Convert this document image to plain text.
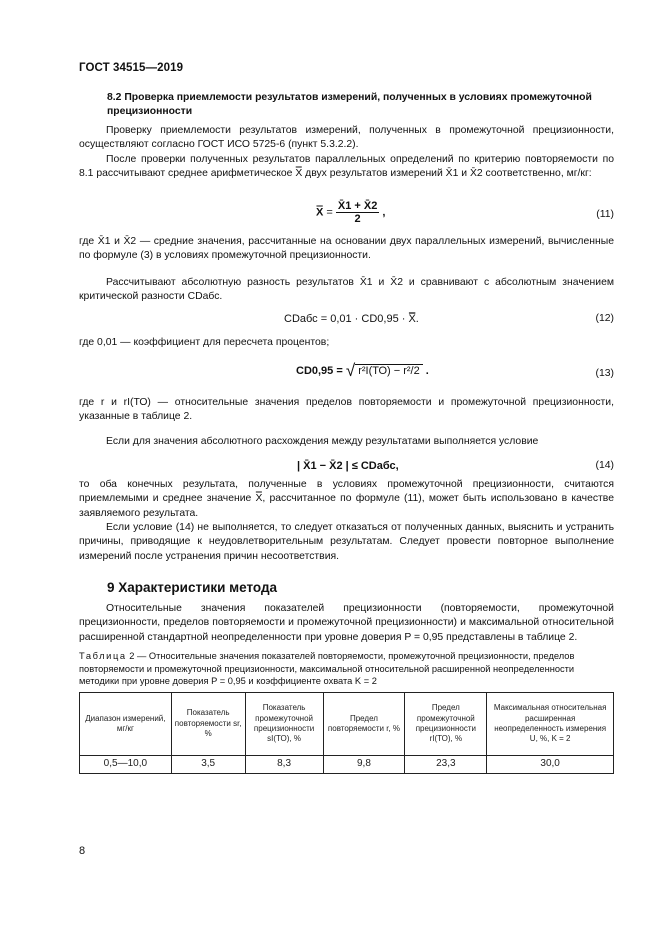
ГОСТ 34515—2019
8.2 Проверка приемлемости результатов измерений, полученных в условиях промежуточной прецизионности
Проверку приемлемости результатов измерений, полученных в промежуточной прецизионности, осуществляют согласно ГОСТ ИСО 5725-6 (пункт 5.3.2.2).
После проверки полученных результатов параллельных определений по критерию повторяемости по 8.1 рассчитывают среднее арифметическое X̿ двух результатов измерений X̄1 и X̄2 соответственно, мг/кг:
X̿ = $\frac{X̄1 + X̄2}{2}$ ,	(11)
где X̄1 и X̄2 — средние значения, рассчитанные на основании двух параллельных измерений, вычисленные по формуле (3) в условиях промежуточной прецизионности.
Рассчитывают абсолютную разность результатов X̄1 и X̄2 и сравнивают с абсолютным значением критической разности CDабс.
CDабс = 0,01 · CD0,95 · X̿.	(12)
где 0,01 — коэффициент для пересчета процентов;
CD0,95 = √ r²I(ТО) − r²/2 .	(13)
где r и rI(ТО) — относительные значения пределов повторяемости и промежуточной прецизионности, указанные в таблице 2.
Если для значения абсолютного расхождения между результатами выполняется условие
| X̄1 − X̄2 | ≤ CDабс,	(14)
то оба конечных результата, полученные в условиях промежуточной прецизионности, считаются приемлемыми и среднее значение X̿, рассчитанное по формуле (11), может быть использовано в качестве заявляемого результата.
Если условие (14) не выполняется, то следует отказаться от полученных данных, выяснить и устранить причины, приводящие к неудовлетворительным результатам. Следует провести повторное выполнение измерений после устранения причин несоответствия.
9 Характеристики метода
Относительные значения показателей прецизионности (повторяемости, промежуточной прецизионности, пределов повторяемости и промежуточной прецизионности) и максимальной относительной расширенной стандартной неопределенности при уровне доверия P = 0,95 представлены в таблице 2.
Таблица 2 — Относительные значения показателей повторяемости, промежуточной прецизионности, пределов повторяемости и промежуточной прецизионности, максимальной относительной расширенной неопределенности методики при уровне доверия P = 0,95 и коэффициенте охвата K = 2
Диапазон измерений, мг/кг	Показатель повторяемости sr, %	Показатель промежуточной прецизионности sI(ТО), %	Предел повторяемости r, %	Предел промежуточной прецизионности rI(ТО), %	Максимальная относительная расширенная неопределенность измерения U, %, K = 2
0,5—10,0	3,5	8,3	9,8	23,3	30,0
8
